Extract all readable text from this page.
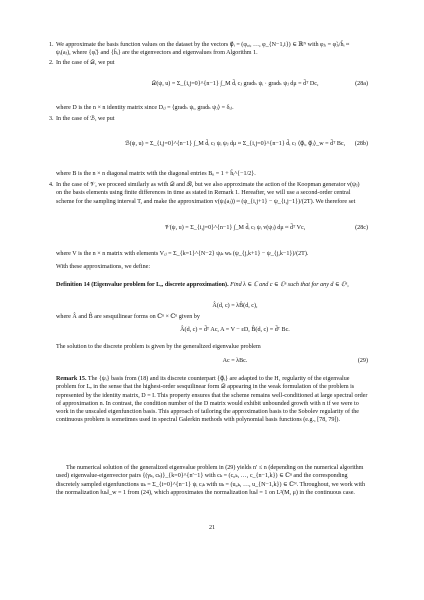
1. We approximate the basis function values on the dataset by the vectors φ⃗ᵢ = (φ₀ᵢ, …, φ_{N−1,i}) ∈ ℝᴺ with φⱼᵢ = φ̃ⱼᵢ/ĥᵢ ≈ ψᵢ(aⱼ), where {φ̃ᵢ} and {ĥᵢ} are the eigenvectors and eigenvalues from Algorithm 1.
2. In the case of 𝒟, we put
𝒟(ψ, u) = Σ_{i,j=0}^{n−1} ∫_M d̄ᵢ cⱼ gradₕ ψᵢ · gradₕ ψⱼ dμ = d̄ᵀ Dc,	(28a)
where D is the n × n identity matrix since Dᵢⱼ = ⟨gradₕ ψᵢ, gradₕ ψⱼ⟩ = δᵢⱼ.
3. In the case of ℬ, we put
ℬ(ψ, u) = Σ_{i,j=0}^{n−1} ∫_M d̄ᵢ cⱼ ψᵢ ψⱼ dμ ≈ Σ_{i,j=0}^{n−1} d̄ᵢ cⱼ ⟨φ⃗ᵢ, φ⃗ⱼ⟩_w = d̄ᵀ Bc,	(28b)
where B is the n × n diagonal matrix with the diagonal entries Bᵢᵢ = 1 + ĥᵢ^{−1/2}.
4. In the case of 𝒱, we proceed similarly as with 𝒟 and ℬ, but we also approximate the action of the Koopman generator v(ψⱼ) on the basis elements using finite differences in time as stated in Remark 1. Hereafter, we will use a second-order central scheme for the sampling interval T, and make the approximation v(ψᵢ(aⱼ)) ≈ (ψ_{i,j+1} − ψ_{i,j−1})/(2T). We therefore set
𝒱(ψ, u) = Σ_{i,j=0}^{n−1} ∫_M d̄ᵢ cⱼ ψᵢ v(ψⱼ) dμ ≈ d̄ᵀ Vc,	(28c)
where V is the n × n matrix with elements Vᵢⱼ = Σ_{k=1}^{N−2} ψᵢₖ wₖ (ψ_{j,k+1} − ψ_{j,k−1})/(2T).
With these approximations, we define:
Definition 14 (Eigenvalue problem for Lₑ, discrete approximation). Find λ ∈ ℂ and c ∈ ℂⁿ such that for any d ∈ ℂⁿ,
Â(d, c) = λB̂(d, c),
where Â and B̂ are sesquilinear forms on ℂⁿ × ℂⁿ given by
Â(d, c) = d̄ᵀ Ac, A = V − εD, B̂(d, c) = d̄ᵀ Bc.
The solution to the discrete problem is given by the generalized eigenvalue problem
Ac = λBc.	(29)
Remark 15. The {ψᵢ} basis from (18) and its discrete counterpart {φ⃗ᵢ} are adapted to the H₁ regularity of the eigenvalue problem for Lₑ in the sense that the highest-order sesquilinear form 𝒟 appearing in the weak formulation of the problem is represented by the identity matrix, D = I. This property ensures that the scheme remains well-conditioned at large spectral order of approximation n. In contrast, the condition number of the D matrix would exhibit unbounded growth with n if we were to work in the unscaled eigenfunction basis. This approach of tailoring the approximation basis to the Sobolev regularity of the continuous problem is sometimes used in spectral Galerkin methods with polynomial basis functions (e.g., [78, 79]).
The numerical solution of the generalized eigenvalue problem in (29) yields n′ ≤ n (depending on the numerical algorithm used) eigenvalue-eigenvector pairs {(γₖ, cₖ)}_{k=0}^{n′−1} with cₖ = (c₀ₖ, …, c_{n−1,k}) ∈ ℂⁿ and the corresponding discretely sampled eigenfunctions uₖ = Σ_{i=0}^{n−1} ψᵢ cᵢₖ with uₖ = (u₀ₖ, …, u_{N−1,k}) ∈ ℂᴺ. Throughout, we work with the normalization ‖uₖ‖_w = 1 from (24), which approximates the normalization ‖uₖ‖ = 1 on L²(M, μ) in the continuous case.
21
